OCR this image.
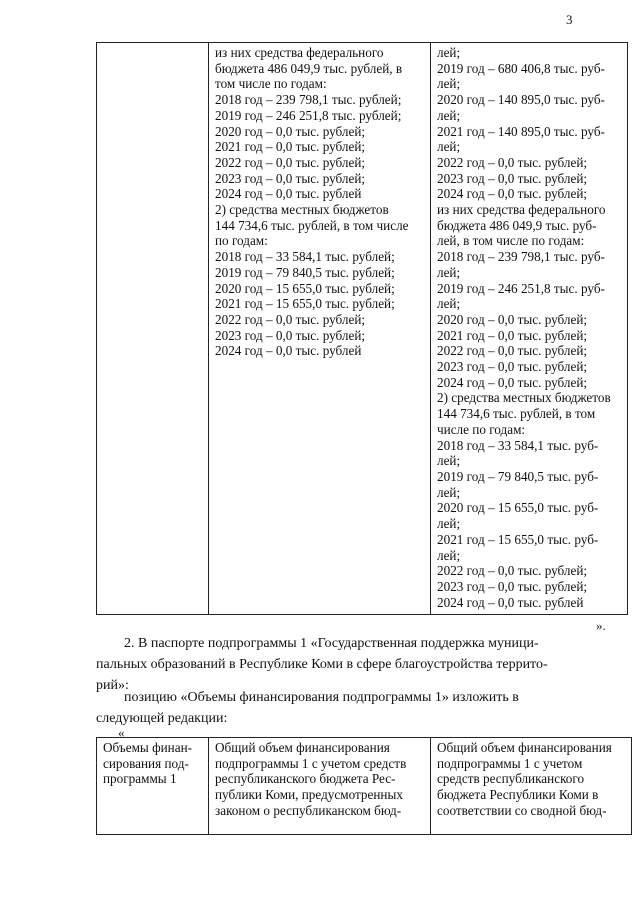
3
из них средства федерального
бюджета 486 049,9 тыс. рублей, в
том числе по годам:
2018 год – 239 798,1 тыс. рублей;
2019 год – 246 251,8 тыс. рублей;
2020 год – 0,0 тыс. рублей;
2021 год – 0,0 тыс. рублей;
2022 год – 0,0 тыс. рублей;
2023 год – 0,0 тыс. рублей;
2024 год – 0,0 тыс. рублей
2) средства местных бюджетов
144 734,6 тыс. рублей, в том числе
по годам:
2018 год – 33 584,1 тыс. рублей;
2019 год – 79 840,5 тыс. рублей;
2020 год – 15 655,0 тыс. рублей;
2021 год – 15 655,0 тыс. рублей;
2022 год – 0,0 тыс. рублей;
2023 год – 0,0 тыс. рублей;
2024 год – 0,0 тыс. рублей
лей;
2019 год – 680 406,8 тыс. руб-
лей;
2020 год – 140 895,0 тыс. руб-
лей;
2021 год – 140 895,0 тыс. руб-
лей;
2022 год – 0,0 тыс. рублей;
2023 год – 0,0 тыс. рублей;
2024 год – 0,0 тыс. рублей;
из них средства федерального
бюджета 486 049,9 тыс. руб-
лей, в том числе по годам:
2018 год – 239 798,1 тыс. руб-
лей;
2019 год – 246 251,8 тыс. руб-
лей;
2020 год – 0,0 тыс. рублей;
2021 год – 0,0 тыс. рублей;
2022 год – 0,0 тыс. рублей;
2023 год – 0,0 тыс. рублей;
2024 год – 0,0 тыс. рублей;
2) средства местных бюджетов
144 734,6 тыс. рублей, в том
числе по годам:
2018 год – 33 584,1 тыс. руб-
лей;
2019 год – 79 840,5 тыс. руб-
лей;
2020 год – 15 655,0 тыс. руб-
лей;
2021 год – 15 655,0 тыс. руб-
лей;
2022 год – 0,0 тыс. рублей;
2023 год – 0,0 тыс. рублей;
2024 год – 0,0 тыс. рублей
».
2. В паспорте подпрограммы 1 «Государственная поддержка муници-
пальных образований в Республике Коми в сфере благоустройства террито-
рий»:
позицию «Объемы финансирования подпрограммы 1» изложить в
следующей редакции:
«
Объемы финан-
сирования под-
программы 1
Общий объем финансирования
подпрограммы 1 с учетом средств
республиканского бюджета Рес-
публики Коми, предусмотренных
законом о республиканском бюд-
Общий объем финансирования
подпрограммы 1 с учетом
средств республиканского
бюджета Республики Коми в
соответствии со сводной бюд-
